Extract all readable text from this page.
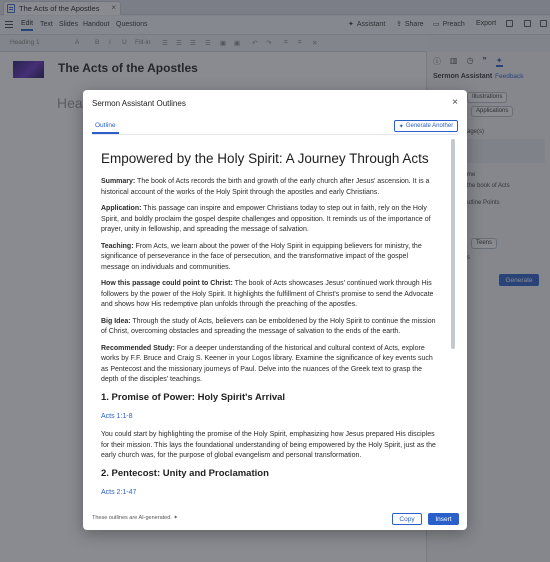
Sermon Assistant Outlines	×
Outline	✦ Generate Another
Empowered by the Holy Spirit: A Journey Through Acts

Summary: The book of Acts records the birth and growth of the early church after Jesus' ascension. It is a historical account of the works of the Holy Spirit through the apostles and early Christians.

Application: This passage can inspire and empower Christians today to step out in faith, rely on the Holy Spirit, and boldly proclaim the gospel despite challenges and opposition. It reminds us of the importance of prayer, unity in fellowship, and spreading the message of salvation.

Teaching: From Acts, we learn about the power of the Holy Spirit in equipping believers for ministry, the significance of perseverance in the face of persecution, and the transformative impact of the gospel message on individuals and communities.

How this passage could point to Christ: The book of Acts showcases Jesus' continued work through His followers by the power of the Holy Spirit. It highlights the fulfillment of Christ's promise to send the Advocate and shows how His redemptive plan unfolds through the preaching of the apostles.

Big Idea: Through the study of Acts, believers can be emboldened by the Holy Spirit to continue the mission of Christ, overcoming obstacles and spreading the message of salvation to the ends of the earth.

Recommended Study: For a deeper understanding of the historical and cultural context of Acts, explore works by F.F. Bruce and Craig S. Keener in your Logos library. Examine the significance of key events such as Pentecost and the missionary journeys of Paul. Delve into the nuances of the Greek text to grasp the depth of the disciples' teachings.

1. Promise of Power: Holy Spirit's Arrival
Acts 1:1-8

You could start by highlighting the promise of the Holy Spirit, emphasizing how Jesus prepared His disciples for their mission. This lays the foundational understanding of being empowered by the Holy Spirit, just as the early church was, for the purpose of global evangelism and personal transformation.

2. Pentecost: Unity and Proclamation
Acts 2:1-47
These outlines are AI-generated. ✦	Copy	Insert
